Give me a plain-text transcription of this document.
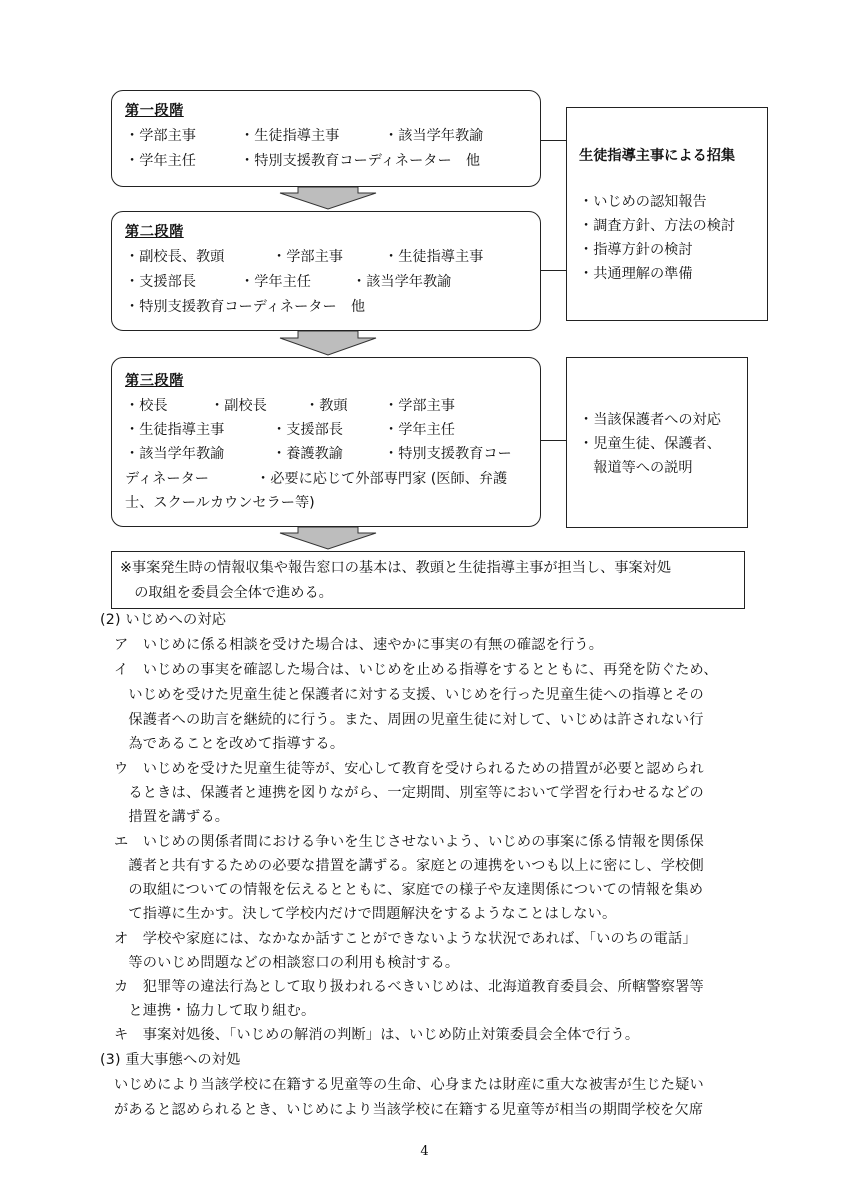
第一段階
・学部主事	・生徒指導主事	・該当学年教諭
・学年主任	・特別支援教育コーディネーター　他
第二段階
・副校長、教頭	・学部主事	・生徒指導主事
・支援部長	・学年主任	・該当学年教諭
・特別支援教育コーディネーター　他
第三段階
・校長	・副校長	・教頭	・学部主事
・生徒指導主事	・支援部長	・学年主任
・該当学年教諭	・養護教諭	・特別支援教育コー
ディネーター	・必要に応じて外部専門家 (医師、弁護
士、スクールカウンセラー等)
生徒指導主事による招集
・いじめの認知報告
・調査方針、方法の検討
・指導方針の検討
・共通理解の準備
・当該保護者への対応
・児童生徒、保護者、
　報道等への説明
※事案発生時の情報収集や報告窓口の基本は、教頭と生徒指導主事が担当し、事案対処
　の取組を委員会全体で進める。
(2) いじめへの対応
ア　いじめに係る相談を受けた場合は、速やかに事実の有無の確認を行う。
イ　いじめの事実を確認した場合は、いじめを止める指導をするとともに、再発を防ぐため、
　いじめを受けた児童生徒と保護者に対する支援、いじめを行った児童生徒への指導とその
　保護者への助言を継続的に行う。また、周囲の児童生徒に対して、いじめは許されない行
　為であることを改めて指導する。
ウ　いじめを受けた児童生徒等が、安心して教育を受けられるための措置が必要と認められ
　るときは、保護者と連携を図りながら、一定期間、別室等において学習を行わせるなどの
　措置を講ずる。
エ　いじめの関係者間における争いを生じさせないよう、いじめの事案に係る情報を関係保
　護者と共有するための必要な措置を講ずる。家庭との連携をいつも以上に密にし、学校側
　の取組についての情報を伝えるとともに、家庭での様子や友達関係についての情報を集め
　て指導に生かす。決して学校内だけで問題解決をするようなことはしない。
オ　学校や家庭には、なかなか話すことができないような状況であれば、「いのちの電話」
　等のいじめ問題などの相談窓口の利用も検討する。
カ　犯罪等の違法行為として取り扱われるべきいじめは、北海道教育委員会、所轄警察署等
　と連携・協力して取り組む。
キ　事案対処後、「いじめの解消の判断」は、いじめ防止対策委員会全体で行う。
(3) 重大事態への対処
いじめにより当該学校に在籍する児童等の生命、心身または財産に重大な被害が生じた疑い
があると認められるとき、いじめにより当該学校に在籍する児童等が相当の期間学校を欠席
4
